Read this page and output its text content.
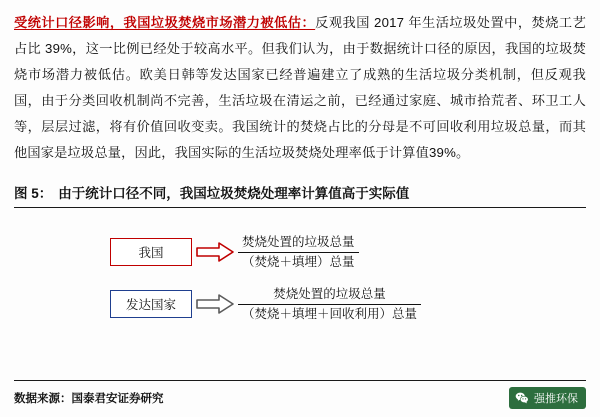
受统计口径影响，我国垃圾焚烧市场潜力被低估：反观我国 2017 年生活垃圾处置中，焚烧工艺占比 39%，这一比例已经处于较高水平。但我们认为，由于数据统计口径的原因，我国的垃圾焚烧市场潜力被低估。欧美日韩等发达国家已经普遍建立了成熟的生活垃圾分类机制，但反观我国，由于分类回收机制尚不完善，生活垃圾在清运之前，已经通过家庭、城市拾荒者、环卫工人等，层层过滤，将有价值回收变卖。我国统计的焚烧占比的分母是不可回收利用垃圾总量，而其他国家是垃圾总量，因此，我国实际的生活垃圾焚烧处理率低于计算值39%。

图 5： 由于统计口径不同，我国垃圾焚烧处理率计算值高于实际值
我国	$\frac{\text{焚烧处置的垃圾总量}}{\text{（焚烧＋填埋）总量}}$
发达国家	$\frac{\text{焚烧处置的垃圾总量}}{\text{（焚烧＋填埋＋回收利用）总量}}$
数据来源：国泰君安证券研究	强推环保
